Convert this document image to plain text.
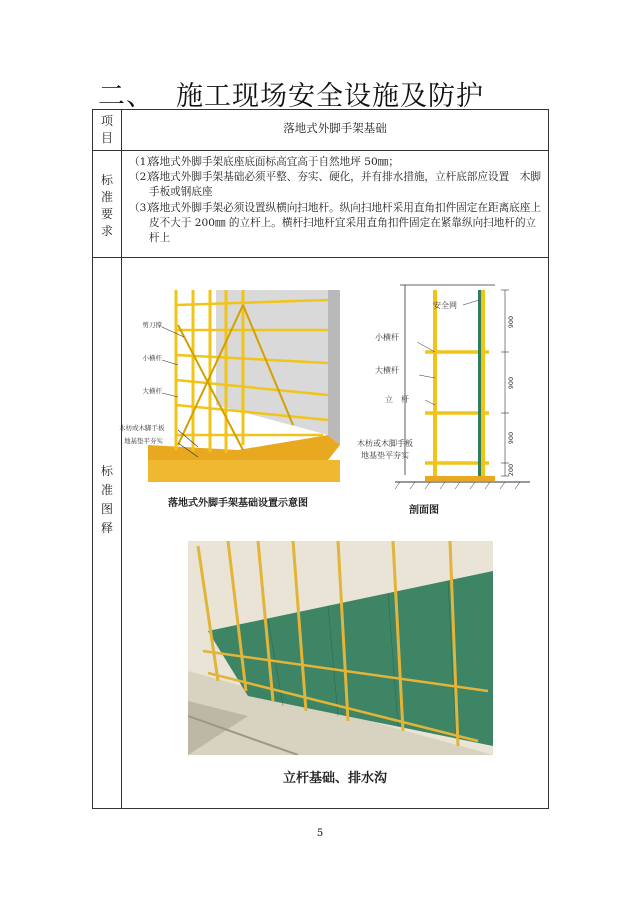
二、 施工现场安全设施及防护
项
目
落地式外脚手架基础
标
准
要
求
（1）
落地式外脚手架底座底面标高宜高于自然地坪 50㎜；
（2）
落地式外脚手架基础必须平整、夯实、硬化，并有排水措施，立杆底部应设置　木脚手板或钢底座
（3）
落地式外脚手架必须设置纵横向扫地杆。纵向扫地杆采用直角扣件固定在距离底座上皮不大于 200㎜ 的立杆上。横杆扫地杆宜采用直角扣件固定在紧靠纵向扫地杆的立杆上
标
准
图
释
剪刀撑
小横杆
大横杆
木枋或木脚手板
地基垫平夯实
落地式外脚手架基础设置示意图
900
900
900
200
安全网
小横杆
大横杆
立　杆
木枋或木脚手板
地基垫平夯实
剖面图
立杆基础、排水沟
5
